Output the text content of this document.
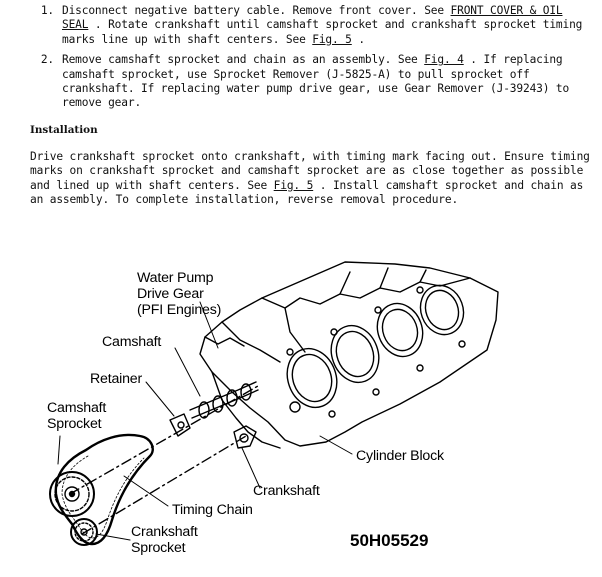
1. Disconnect negative battery cable. Remove front cover. See FRONT COVER & OIL SEAL . Rotate crankshaft until camshaft sprocket and crankshaft sprocket timing marks line up with shaft centers. See Fig. 5 .
2. Remove camshaft sprocket and chain as an assembly. See Fig. 4 . If replacing camshaft sprocket, use Sprocket Remover (J-5825-A) to pull sprocket off crankshaft. If replacing water pump drive gear, use Gear Remover (J-39243) to remove gear.
Installation

Drive crankshaft sprocket onto crankshaft, with timing mark facing out. Ensure timing marks on crankshaft sprocket and camshaft sprocket are as close together as possible and lined up with shaft centers. See Fig. 5 . Install camshaft sprocket and chain as an assembly. To complete installation, reverse removal procedure.

Water Pump
Drive Gear
(PFI Engines)
Camshaft
Retainer
Camshaft
Sprocket
Cylinder Block
Crankshaft
Timing Chain
Crankshaft
Sprocket	50H05529
